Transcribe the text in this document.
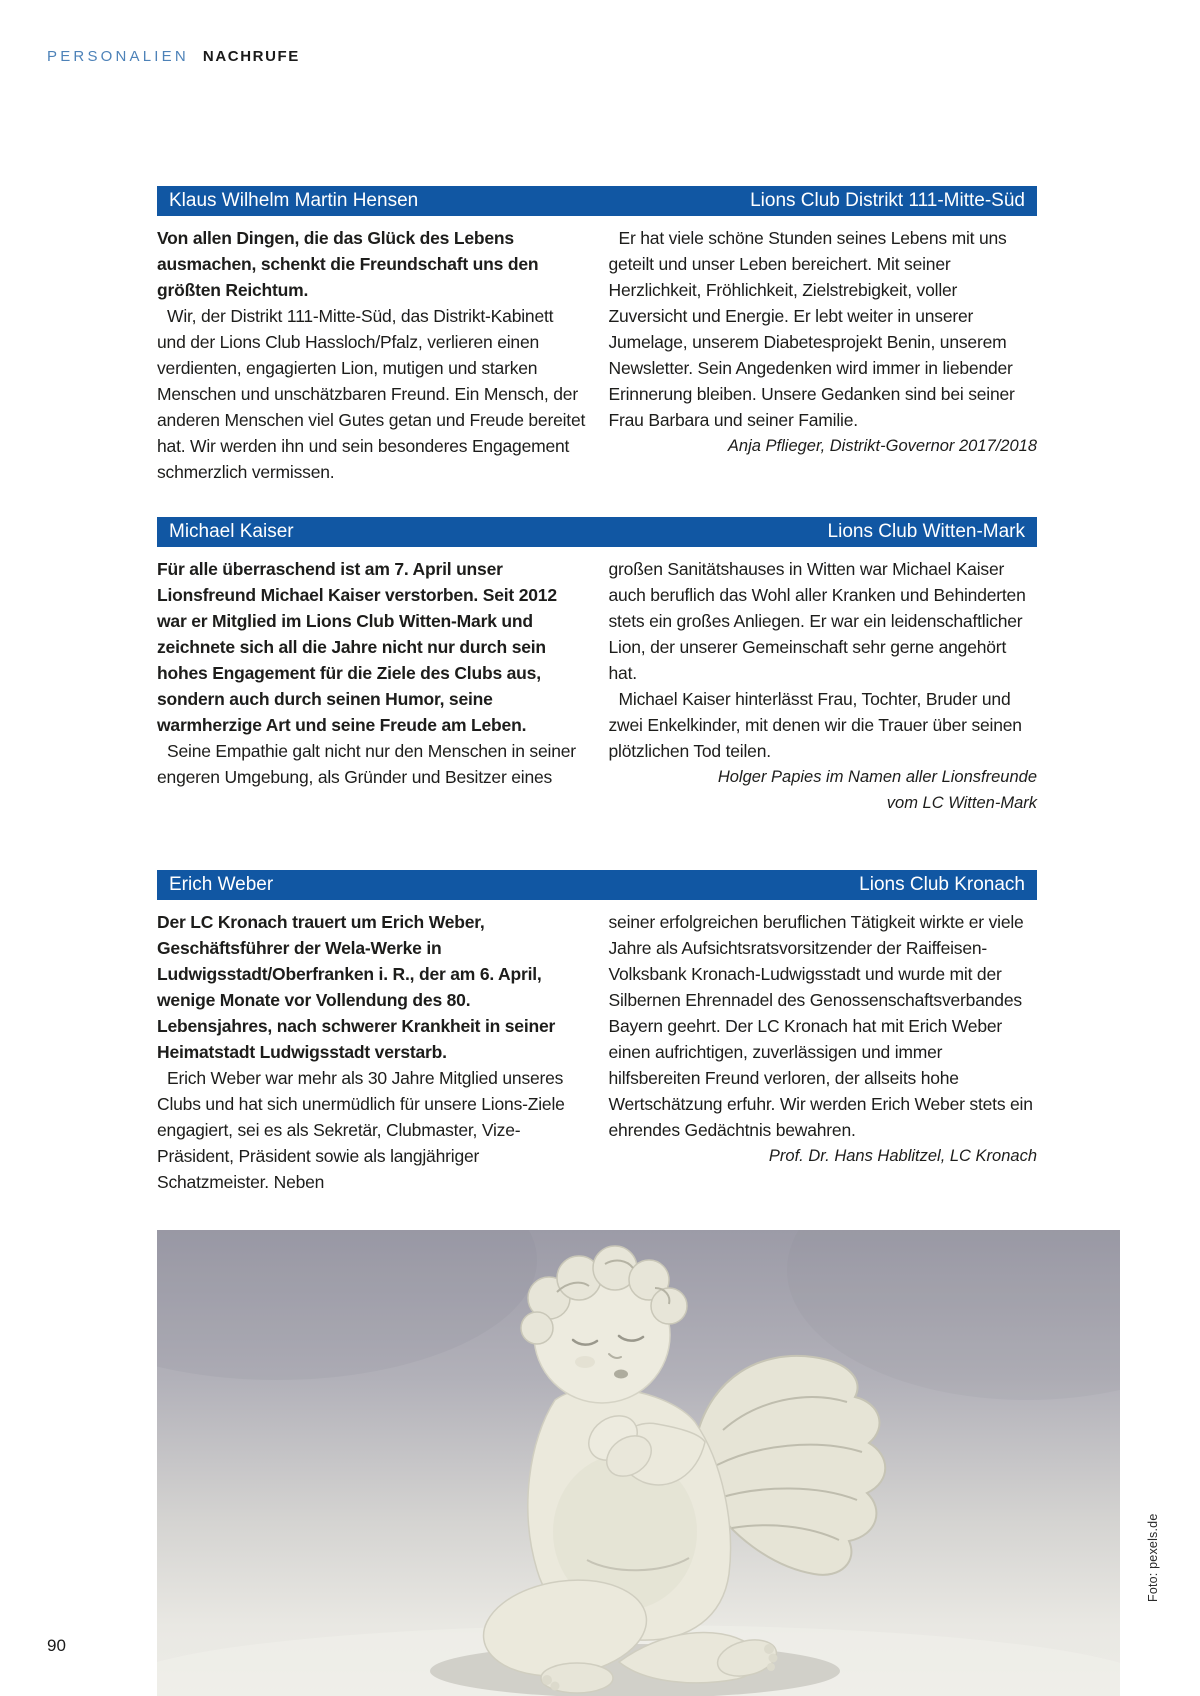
PERSONALIEN NACHRUFE
Klaus Wilhelm Martin Hensen	Lions Club Distrikt 111-Mitte-Süd

Von allen Dingen, die das Glück des Lebens ausmachen, schenkt die Freundschaft uns den größten Reichtum.

Wir, der Distrikt 111-Mitte-Süd, das Distrikt-Kabinett und der Lions Club Hassloch/Pfalz, verlieren einen verdienten, engagierten Lion, mutigen und starken Menschen und unschätzbaren Freund. Ein Mensch, der anderen Menschen viel Gutes getan und Freude bereitet hat. Wir werden ihn und sein besonderes Engagement schmerzlich vermissen.

Er hat viele schöne Stunden seines Lebens mit uns geteilt und unser Leben bereichert. Mit seiner Herzlichkeit, Fröhlichkeit, Zielstrebigkeit, voller Zuversicht und Energie. Er lebt weiter in unserer Jumelage, unserem Diabetesprojekt Benin, unserem Newsletter. Sein Angedenken wird immer in liebender Erinnerung bleiben. Unsere Gedanken sind bei seiner Frau Barbara und seiner Familie.
Anja Pflieger, Distrikt-Governor 2017/2018

Michael Kaiser	Lions Club Witten-Mark

Für alle überraschend ist am 7. April unser Lionsfreund Michael Kaiser verstorben. Seit 2012 war er Mitglied im Lions Club Witten-Mark und zeichnete sich all die Jahre nicht nur durch sein hohes Engagement für die Ziele des Clubs aus, sondern auch durch seinen Humor, seine warmherzige Art und seine Freude am Leben.

Seine Empathie galt nicht nur den Menschen in seiner engeren Umgebung, als Gründer und Besitzer eines

großen Sanitätshauses in Witten war Michael Kaiser auch beruflich das Wohl aller Kranken und Behinderten stets ein großes Anliegen. Er war ein leidenschaftlicher Lion, der unserer Gemeinschaft sehr gerne angehört hat.

Michael Kaiser hinterlässt Frau, Tochter, Bruder und zwei Enkelkinder, mit denen wir die Trauer über seinen plötzlichen Tod teilen.

Holger Papies im Namen aller Lionsfreunde
vom LC Witten-Mark
Erich Weber	Lions Club Kronach

Der LC Kronach trauert um Erich Weber, Geschäftsführer der Wela-Werke in Ludwigsstadt/Oberfranken i. R., der am 6. April, wenige Monate vor Vollendung des 80. Lebensjahres, nach schwerer Krankheit in seiner Heimatstadt Ludwigsstadt verstarb.

Erich Weber war mehr als 30 Jahre Mitglied unseres Clubs und hat sich unermüdlich für unsere Lions-Ziele engagiert, sei es als Sekretär, Clubmaster, Vize-Präsident, Präsident sowie als langjähriger Schatzmeister. Neben

seiner erfolgreichen beruflichen Tätigkeit wirkte er viele Jahre als Aufsichtsratsvorsitzender der Raiffeisen-Volksbank Kronach-Ludwigsstadt und wurde mit der Silbernen Ehrennadel des Genossenschaftsverbandes Bayern geehrt. Der LC Kronach hat mit Erich Weber einen aufrichtigen, zuverlässigen und immer hilfsbereiten Freund verloren, der allseits hohe Wertschätzung erfuhr. Wir werden Erich Weber stets ein ehrendes Gedächtnis bewahren.
Prof. Dr. Hans Hablitzel, LC Kronach

Foto: pexels.de
90
